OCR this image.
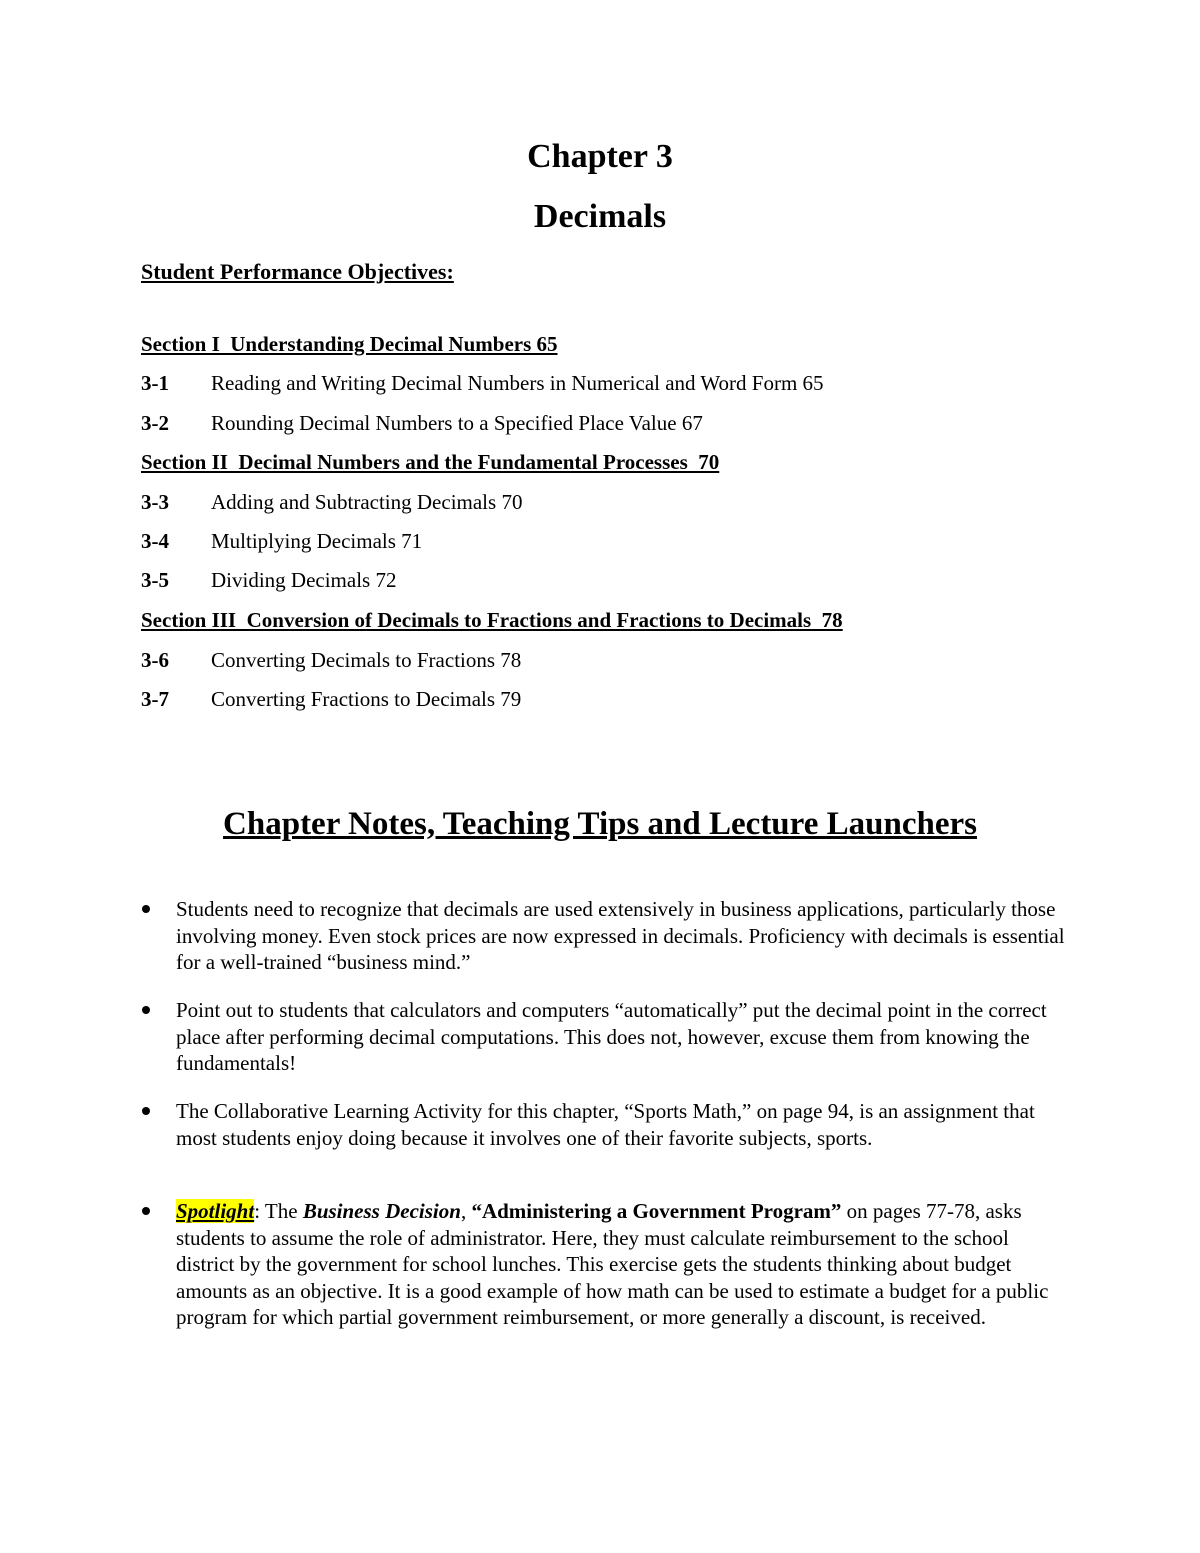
Chapter 3
Decimals

Student Performance Objectives:

Section I  Understanding Decimal Numbers 65

3-1 Reading and Writing Decimal Numbers in Numerical and Word Form 65

3-2 Rounding Decimal Numbers to a Specified Place Value 67

Section II  Decimal Numbers and the Fundamental Processes  70

3-3 Adding and Subtracting Decimals 70

3-4 Multiplying Decimals 71

3-5 Dividing Decimals 72

Section III  Conversion of Decimals to Fractions and Fractions to Decimals  78

3-6 Converting Decimals to Fractions 78

3-7 Converting Fractions to Decimals 79

Chapter Notes, Teaching Tips and Lecture Launchers
Students need to recognize that decimals are used extensively in business applications, particularly those involving money. Even stock prices are now expressed in decimals. Proficiency with decimals is essential for a well-trained “business mind.”
Point out to students that calculators and computers “automatically” put the decimal point in the correct place after performing decimal computations. This does not, however, excuse them from knowing the fundamentals!
The Collaborative Learning Activity for this chapter, “Sports Math,” on page 94, is an assignment that most students enjoy doing because it involves one of their favorite subjects, sports.
Spotlight: The Business Decision, “Administering a Government Program” on pages 77-78, asks students to assume the role of administrator. Here, they must calculate reimbursement to the school district by the government for school lunches. This exercise gets the students thinking about budget amounts as an objective. It is a good example of how math can be used to estimate a budget for a public program for which partial government reimbursement, or more generally a discount, is received.
